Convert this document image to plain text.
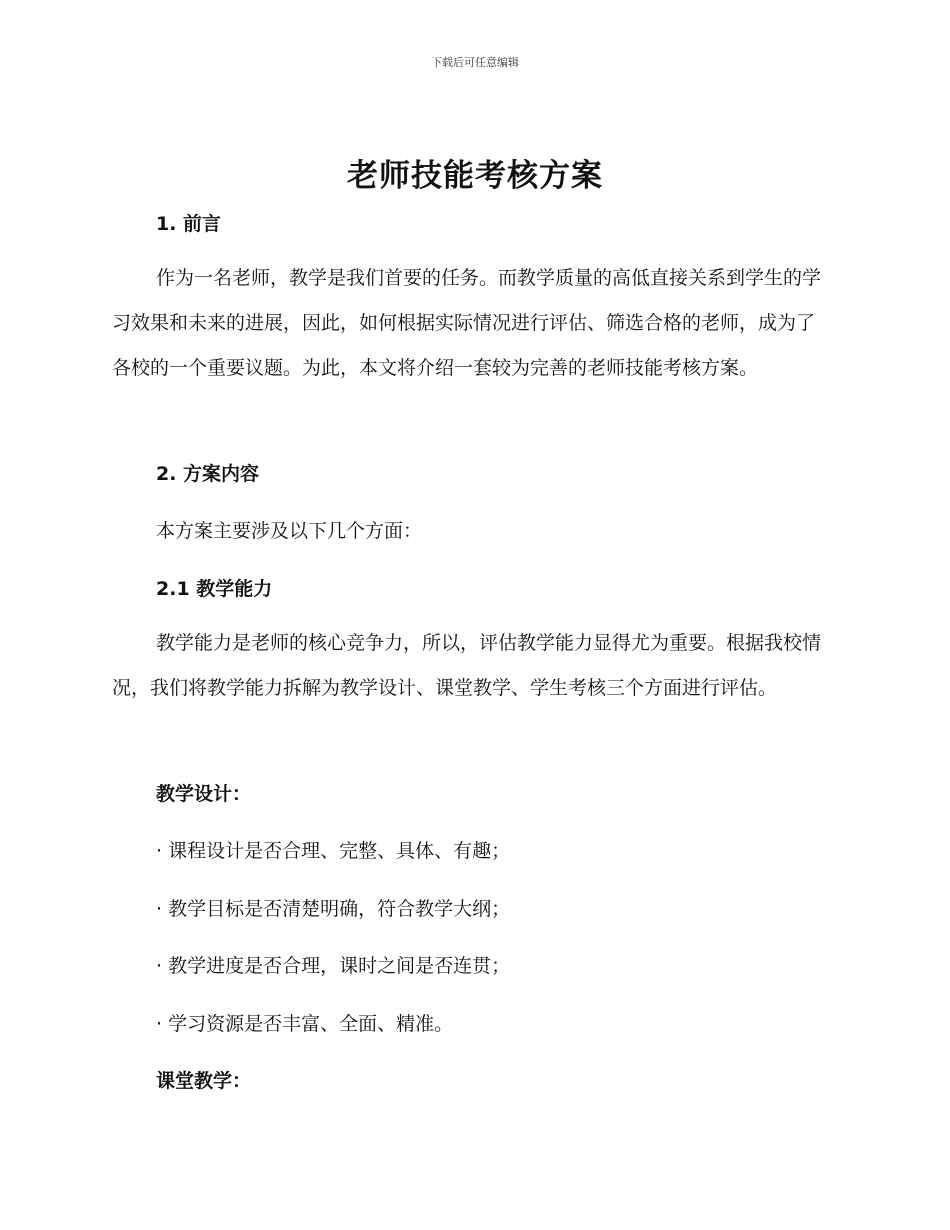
下载后可任意编辑
老师技能考核方案
1. 前言

作为一名老师，教学是我们首要的任务。而教学质量的高低直接关系到学生的学习效果和未来的进展，因此，如何根据实际情况进行评估、筛选合格的老师，成为了各校的一个重要议题。为此，本文将介绍一套较为完善的老师技能考核方案。

2. 方案内容
本方案主要涉及以下几个方面：
2.1 教学能力

教学能力是老师的核心竞争力，所以，评估教学能力显得尤为重要。根据我校情况，我们将教学能力拆解为教学设计、课堂教学、学生考核三个方面进行评估。

教学设计：
· 课程设计是否合理、完整、具体、有趣；
· 教学目标是否清楚明确，符合教学大纲；
· 教学进度是否合理，课时之间是否连贯；
· 学习资源是否丰富、全面、精准。
课堂教学：
